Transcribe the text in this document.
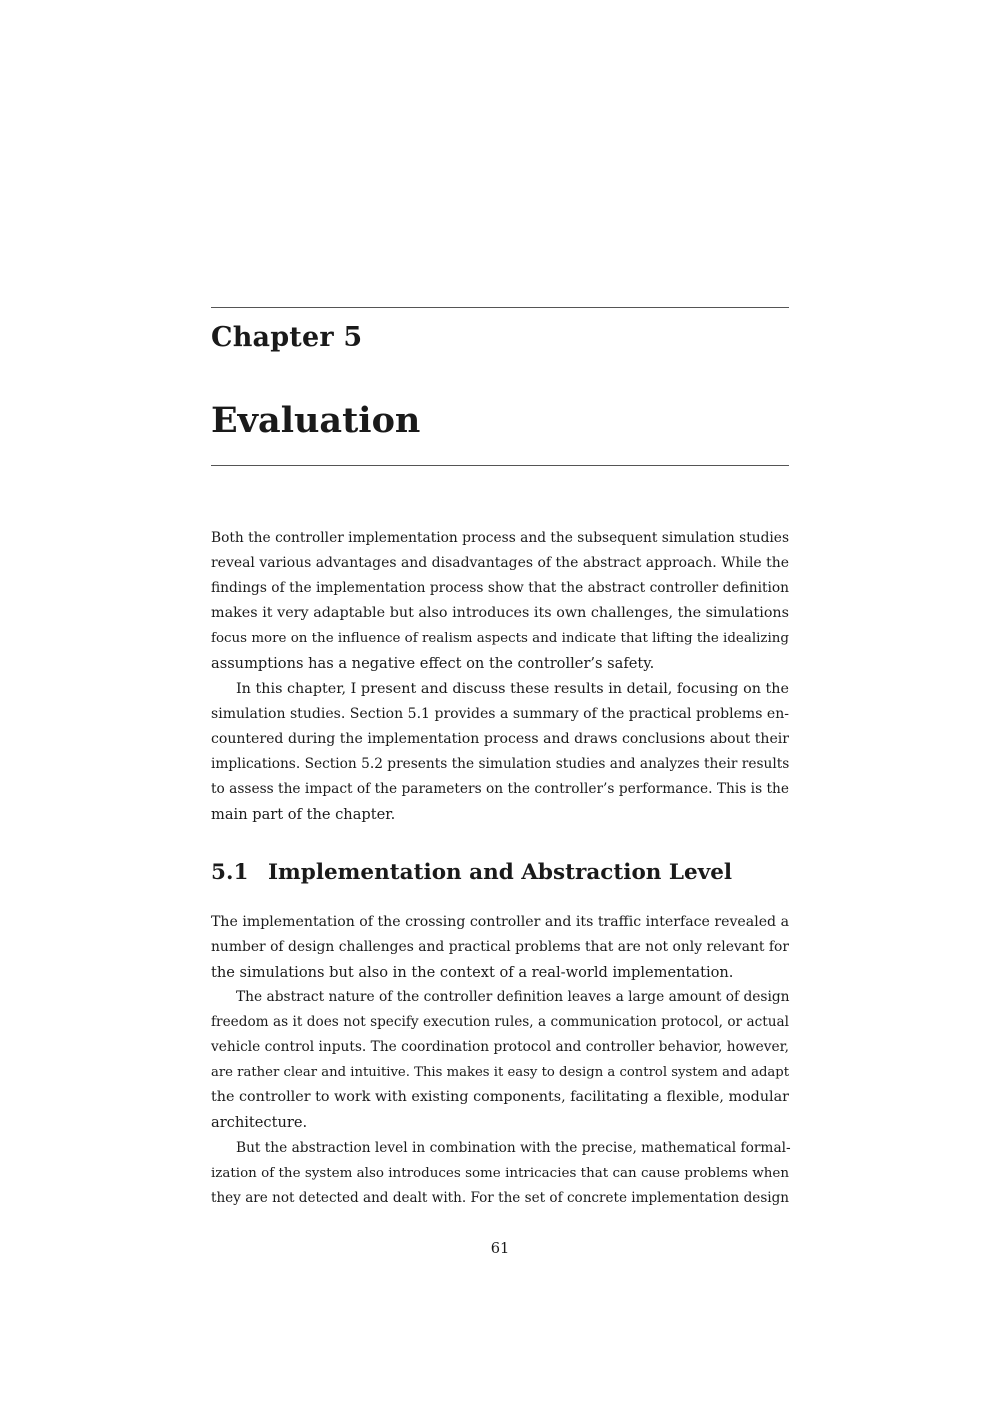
Chapter 5
Evaluation
Both the controller implementation process and the subsequent simulation studies
reveal various advantages and disadvantages of the abstract approach. While the
findings of the implementation process show that the abstract controller definition
makes it very adaptable but also introduces its own challenges, the simulations
focus more on the influence of realism aspects and indicate that lifting the idealizing
assumptions has a negative effect on the controller’s safety.
In this chapter, I present and discuss these results in detail, focusing on the
simulation studies. Section 5.1 provides a summary of the practical problems en-
countered during the implementation process and draws conclusions about their
implications. Section 5.2 presents the simulation studies and analyzes their results
to assess the impact of the parameters on the controller’s performance. This is the
main part of the chapter.
5.1 Implementation and Abstraction Level
The implementation of the crossing controller and its traffic interface revealed a
number of design challenges and practical problems that are not only relevant for
the simulations but also in the context of a real-world implementation.
The abstract nature of the controller definition leaves a large amount of design
freedom as it does not specify execution rules, a communication protocol, or actual
vehicle control inputs. The coordination protocol and controller behavior, however,
are rather clear and intuitive. This makes it easy to design a control system and adapt
the controller to work with existing components, facilitating a flexible, modular
architecture.
But the abstraction level in combination with the precise, mathematical formal-
ization of the system also introduces some intricacies that can cause problems when
they are not detected and dealt with. For the set of concrete implementation design
61
